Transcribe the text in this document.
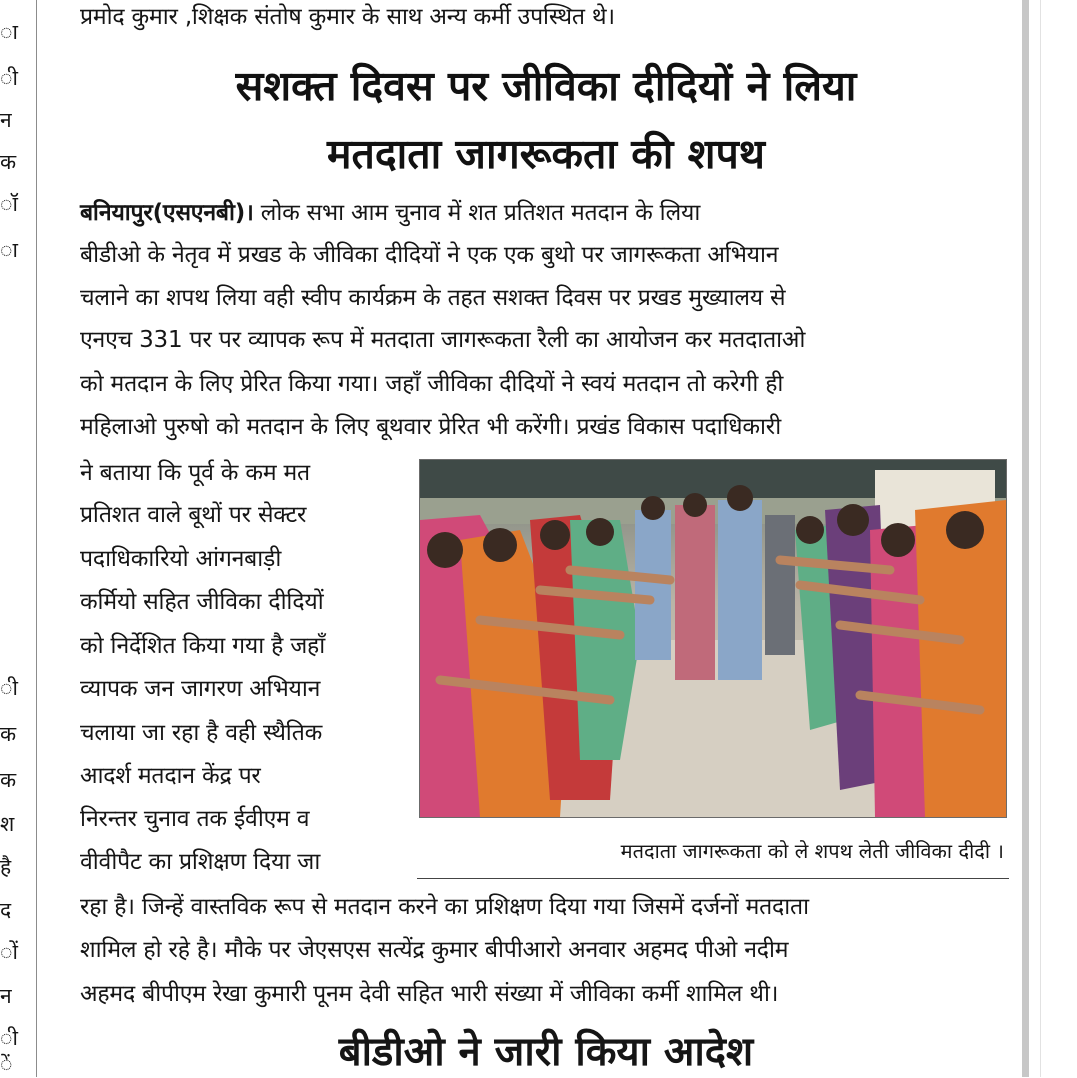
ा
ी
न
क
ॉ
ा
ी
क
क
श
है
द
ों
न
ी
ें
प्रमोद कुमार ,शिक्षक संतोष कुमार के साथ अन्य कर्मी उपस्थित थे।
सशक्त दिवस पर जीविका दीदियों ने लिया
मतदाता जागरूकता की शपथ
बनियापुर(एसएनबी)। लोक सभा आम चुनाव में शत प्रतिशत मतदान के लिया
बीडीओ के नेतृव में प्रखड के जीविका दीदियों ने एक एक बुथो पर जागरूकता अभियान
चलाने का शपथ लिया वही स्वीप कार्यक्रम के तहत सशक्त दिवस पर प्रखड मुख्यालय से
एनएच 331 पर पर व्यापक रूप में मतदाता जागरूकता रैली का आयोजन कर मतदाताओ
को मतदान के लिए प्रेरित किया गया। जहाँ जीविका दीदियों ने स्वयं मतदान तो करेगी ही
महिलाओ पुरुषो को मतदान के लिए बूथवार प्रेरित भी करेंगी। प्रखंड विकास पदाधिकारी
ने बताया कि पूर्व के कम मत
प्रतिशत वाले बूथों पर सेक्टर
पदाधिकारियो आंगनबाड़ी
कर्मियो सहित जीविका दीदियों
को निर्देशित किया गया है जहाँ
व्यापक जन जागरण अभियान
चलाया जा रहा है वही स्थैतिक
आदर्श मतदान केंद्र पर
निरन्तर चुनाव तक ईवीएम व
वीवीपैट का प्रशिक्षण दिया जा	मतदाता जागरूकता को ले शपथ लेती जीविका दीदी ।
रहा है। जिन्हें वास्तविक रूप से मतदान करने का प्रशिक्षण दिया गया जिसमें दर्जनों मतदाता
शामिल हो रहे है। मौके पर जेएसएस सत्येंद्र कुमार बीपीआरो अनवार अहमद पीओ नदीम
अहमद बीपीएम रेखा कुमारी पूनम देवी सहित भारी संख्या में जीविका कर्मी शामिल थी।
बीडीओ ने जारी किया आदेश
